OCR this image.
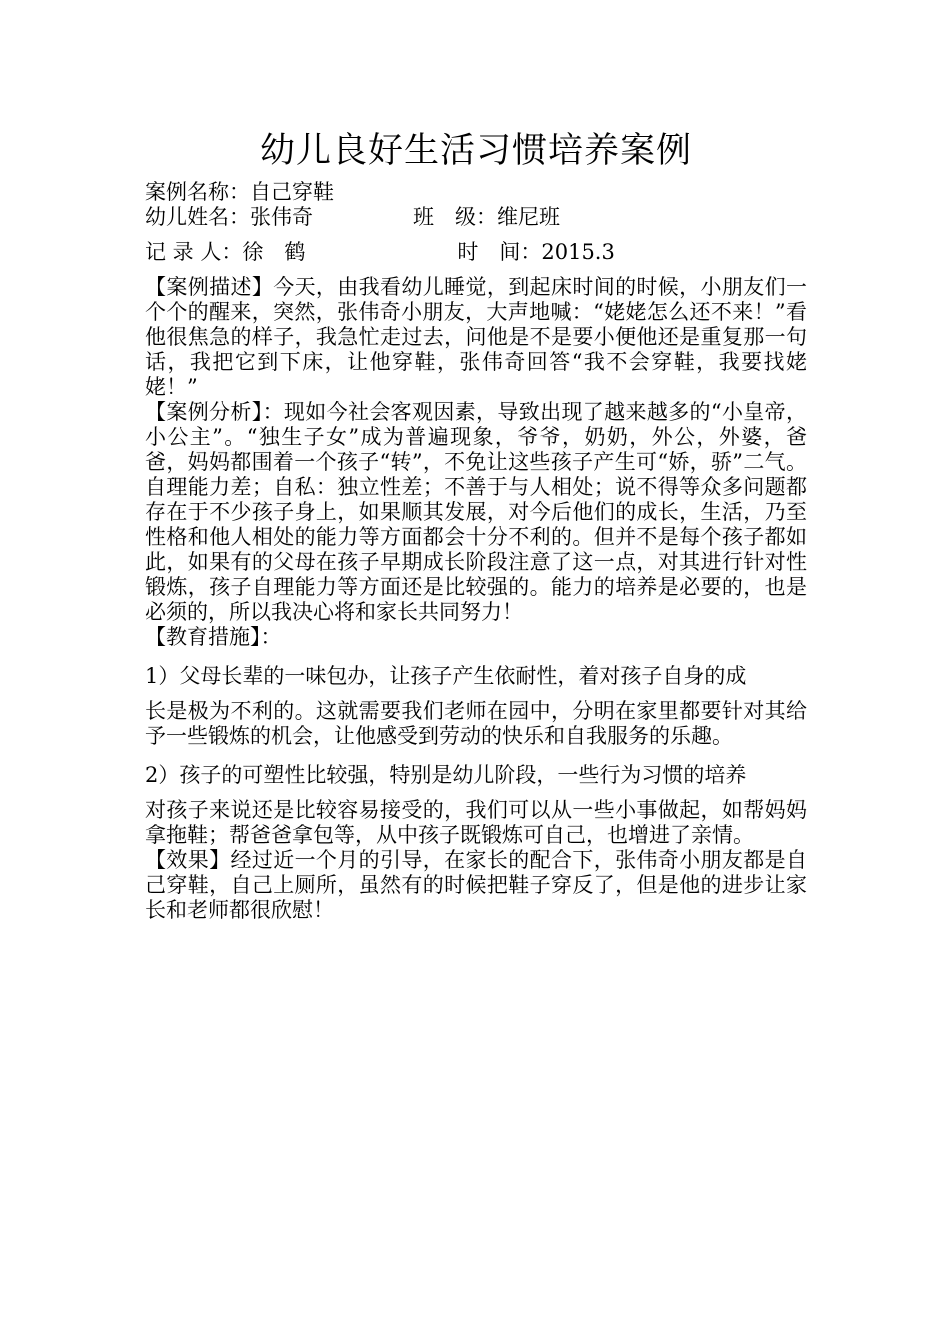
幼儿良好生活习惯培养案例
案例名称：自己穿鞋
幼儿姓名：张伟奇	班　级：维尼班
记 录 人：徐　鹤	时　间：2015.3

【案例描述】今天，由我看幼儿睡觉，到起床时间的时候，小朋友们一个个的醒来，突然，张伟奇小朋友，大声地喊：“姥姥怎么还不来！”看他很焦急的样子，我急忙走过去，问他是不是要小便他还是重复那一句话，我把它到下床，让他穿鞋，张伟奇回答“我不会穿鞋，我要找姥姥！”

【案例分析】：现如今社会客观因素，导致出现了越来越多的“小皇帝，小公主”。“独生子女”成为普遍现象，爷爷，奶奶，外公，外婆，爸爸，妈妈都围着一个孩子“转”，不免让这些孩子产生可“娇，骄”二气。自理能力差；自私：独立性差；不善于与人相处；说不得等众多问题都存在于不少孩子身上，如果顺其发展，对今后他们的成长，生活，乃至性格和他人相处的能力等方面都会十分不利的。但并不是每个孩子都如此，如果有的父母在孩子早期成长阶段注意了这一点，对其进行针对性锻炼，孩子自理能力等方面还是比较强的。能力的培养是必要的，也是必须的，所以我决心将和家长共同努力！

【教育措施】：

1）父母长辈的一味包办，让孩子产生依耐性，着对孩子自身的成

长是极为不利的。这就需要我们老师在园中，分明在家里都要针对其给予一些锻炼的机会，让他感受到劳动的快乐和自我服务的乐趣。

2）孩子的可塑性比较强，特别是幼儿阶段，一些行为习惯的培养

对孩子来说还是比较容易接受的，我们可以从一些小事做起，如帮妈妈拿拖鞋；帮爸爸拿包等，从中孩子既锻炼可自己，也增进了亲情。

【效果】经过近一个月的引导，在家长的配合下，张伟奇小朋友都是自己穿鞋，自己上厕所，虽然有的时候把鞋子穿反了，但是他的进步让家长和老师都很欣慰！
